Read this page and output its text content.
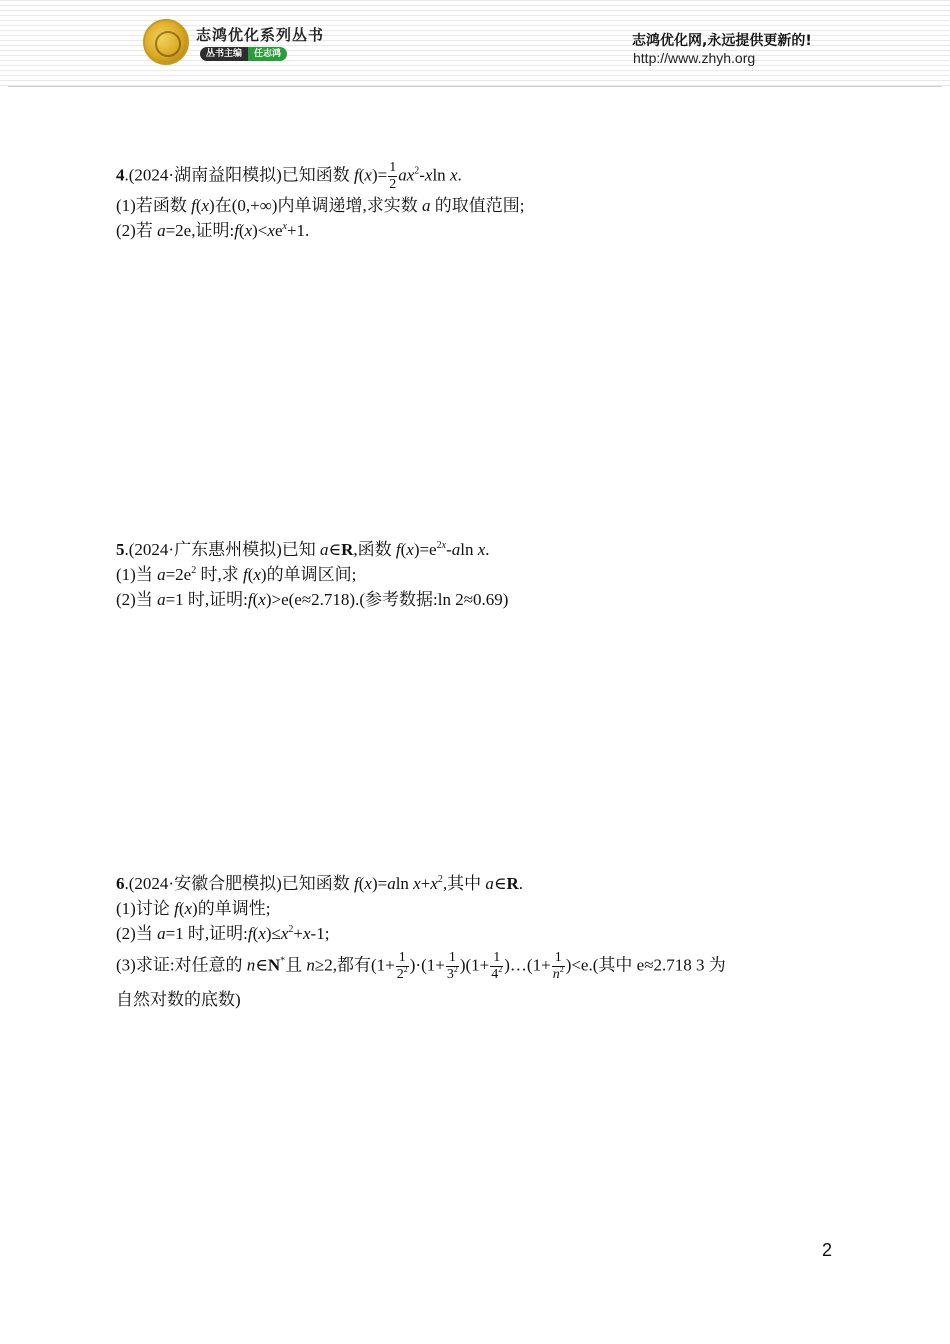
志鸿优化系列丛书
丛书主编 任志鸿
志鸿优化网,永远提供更新的!
http://www.zhyh.org

4.(2024·湖南益阳模拟)已知函数 $f(x)= \frac{1}{2} ax^2-xln$ x.

(1)若函数 f(x)在(0,+∞)内单调递增,求实数 a 的取值范围;

(2)若 a=2e,证明$:f(x)<xe^x+1$.

5.(2024·广东惠州模拟)已知 a∈R,函数 $f(x)=e^{2x}$-aln x.

(1)当 $a=2e^2$ 时,求 f(x)的单调区间;

(2)当 a=1 时,证明:f(x)>e(e≈2.718).(参考数据:ln 2≈0.69)

6.(2024·安徽合肥模拟)已知函数 f(x)=aln $x+x^2$,其中 a∈R.

(1)讨论 f(x)的单调性;

(2)当 a=1 时,证明$:f(x)\le x^2+x-1$;

(3)求证:对任意的 n∈N*且 n≥2,都有$(1+ \frac{1}{2^2} )\cdot(1+ \frac{1}{3^2} )(1+ \frac{1}{4^2}$ )…(1+ $\frac{1}{n^2} )<e$.(其中 e≈2.718 3 为

自然对数的底数)

2
